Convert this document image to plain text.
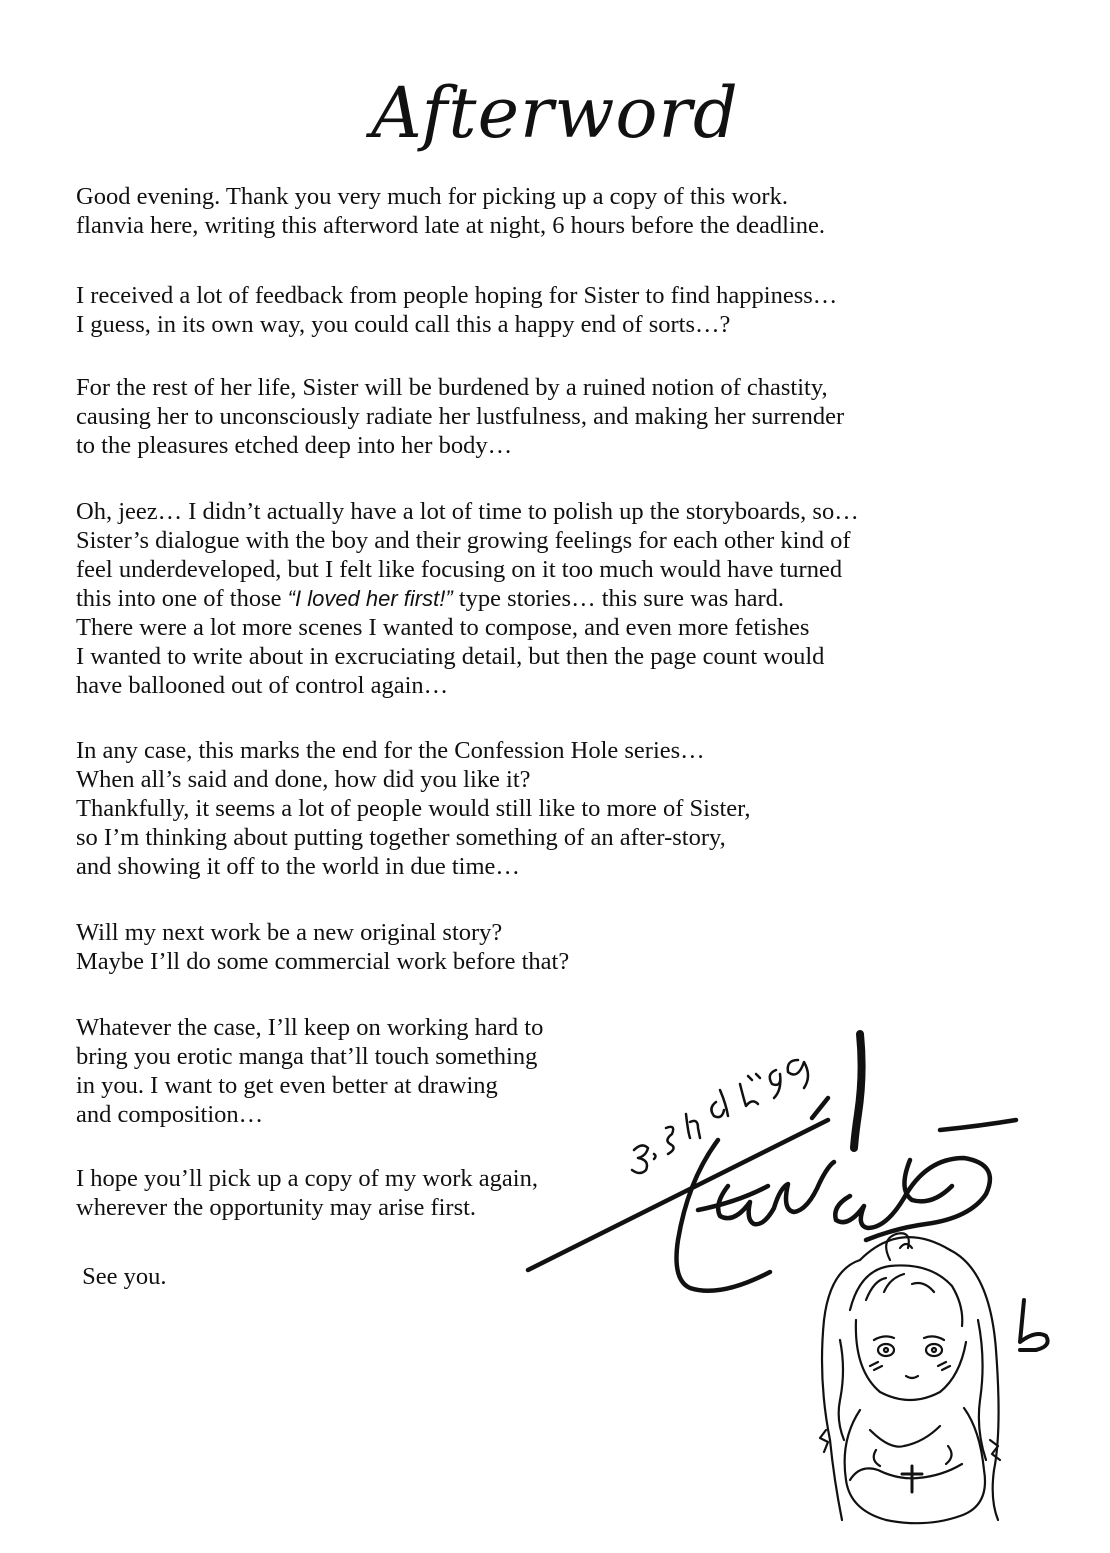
Afterword

Good evening. Thank you very much for picking up a copy of this work.
flanvia here, writing this afterword late at night, 6 hours before the deadline.

I received a lot of feedback from people hoping for Sister to find happiness…
I guess, in its own way, you could call this a happy end of sorts…?

For the rest of her life, Sister will be burdened by a ruined notion of chastity,
causing her to unconsciously radiate her lustfulness, and making her surrender
to the pleasures etched deep into her body…

Oh, jeez… I didn’t actually have a lot of time to polish up the storyboards, so…
Sister’s dialogue with the boy and their growing feelings for each other kind of
feel underdeveloped, but I felt like focusing on it too much would have turned
this into one of those “I loved her first!” type stories… this sure was hard.
There were a lot more scenes I wanted to compose, and even more fetishes
I wanted to write about in excruciating detail, but then the page count would
have ballooned out of control again…

In any case, this marks the end for the Confession Hole series…
When all’s said and done, how did you like it?
Thankfully, it seems a lot of people would still like to more of Sister,
so I’m thinking about putting together something of an after-story,
and showing it off to the world in due time…

Will my next work be a new original story?
Maybe I’ll do some commercial work before that?

Whatever the case, I’ll keep on working hard to
bring you erotic manga that’ll touch something
in you. I want to get even better at drawing
and composition…

I hope you’ll pick up a copy of my work again,
wherever the opportunity may arise first.

See you.
